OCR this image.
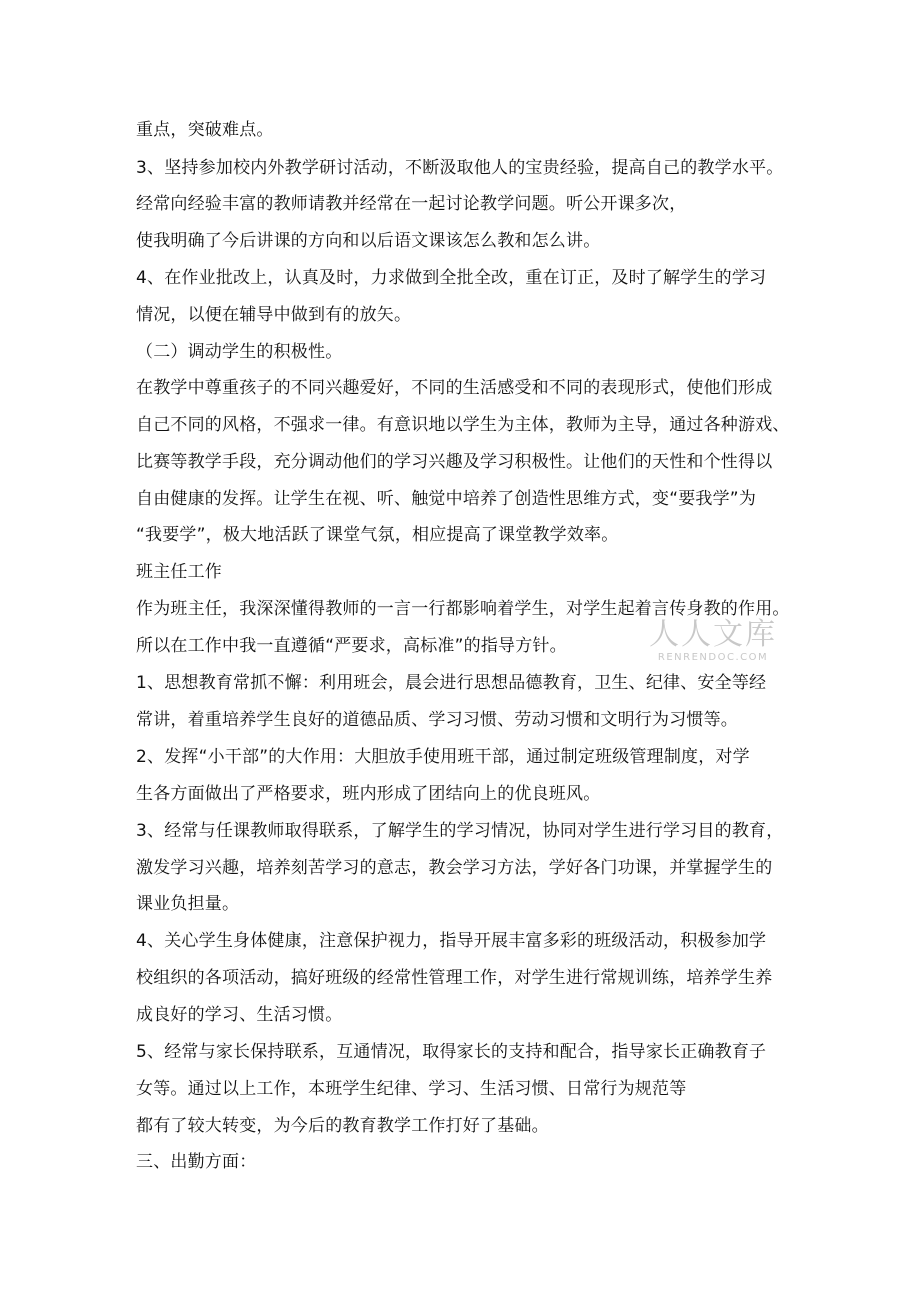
重点，突破难点。
3、坚持参加校内外教学研讨活动，不断汲取他人的宝贵经验，提高自己的教学水平。
经常向经验丰富的教师请教并经常在一起讨论教学问题。听公开课多次，
使我明确了今后讲课的方向和以后语文课该怎么教和怎么讲。
4、在作业批改上，认真及时，力求做到全批全改，重在订正，及时了解学生的学习
情况，以便在辅导中做到有的放矢。
（二）调动学生的积极性。
在教学中尊重孩子的不同兴趣爱好，不同的生活感受和不同的表现形式，使他们形成
自己不同的风格，不强求一律。有意识地以学生为主体，教师为主导，通过各种游戏、
比赛等教学手段，充分调动他们的学习兴趣及学习积极性。让他们的天性和个性得以
自由健康的发挥。让学生在视、听、触觉中培养了创造性思维方式，变“要我学”为
“我要学”，极大地活跃了课堂气氛，相应提高了课堂教学效率。
班主任工作
作为班主任，我深深懂得教师的一言一行都影响着学生，对学生起着言传身教的作用。
所以在工作中我一直遵循“严要求，高标准”的指导方针。
1、思想教育常抓不懈：利用班会，晨会进行思想品德教育，卫生、纪律、安全等经
常讲，着重培养学生良好的道德品质、学习习惯、劳动习惯和文明行为习惯等。
2、发挥“小干部”的大作用：大胆放手使用班干部，通过制定班级管理制度，对学
生各方面做出了严格要求，班内形成了团结向上的优良班风。
3、经常与任课教师取得联系，了解学生的学习情况，协同对学生进行学习目的教育，
激发学习兴趣，培养刻苦学习的意志，教会学习方法，学好各门功课，并掌握学生的
课业负担量。
4、关心学生身体健康，注意保护视力，指导开展丰富多彩的班级活动，积极参加学
校组织的各项活动，搞好班级的经常性管理工作，对学生进行常规训练，培养学生养
成良好的学习、生活习惯。
5、经常与家长保持联系，互通情况，取得家长的支持和配合，指导家长正确教育子
女等。通过以上工作，本班学生纪律、学习、生活习惯、日常行为规范等
都有了较大转变，为今后的教育教学工作打好了基础。
三、出勤方面：
人人文库
RENRENDOC.COM
